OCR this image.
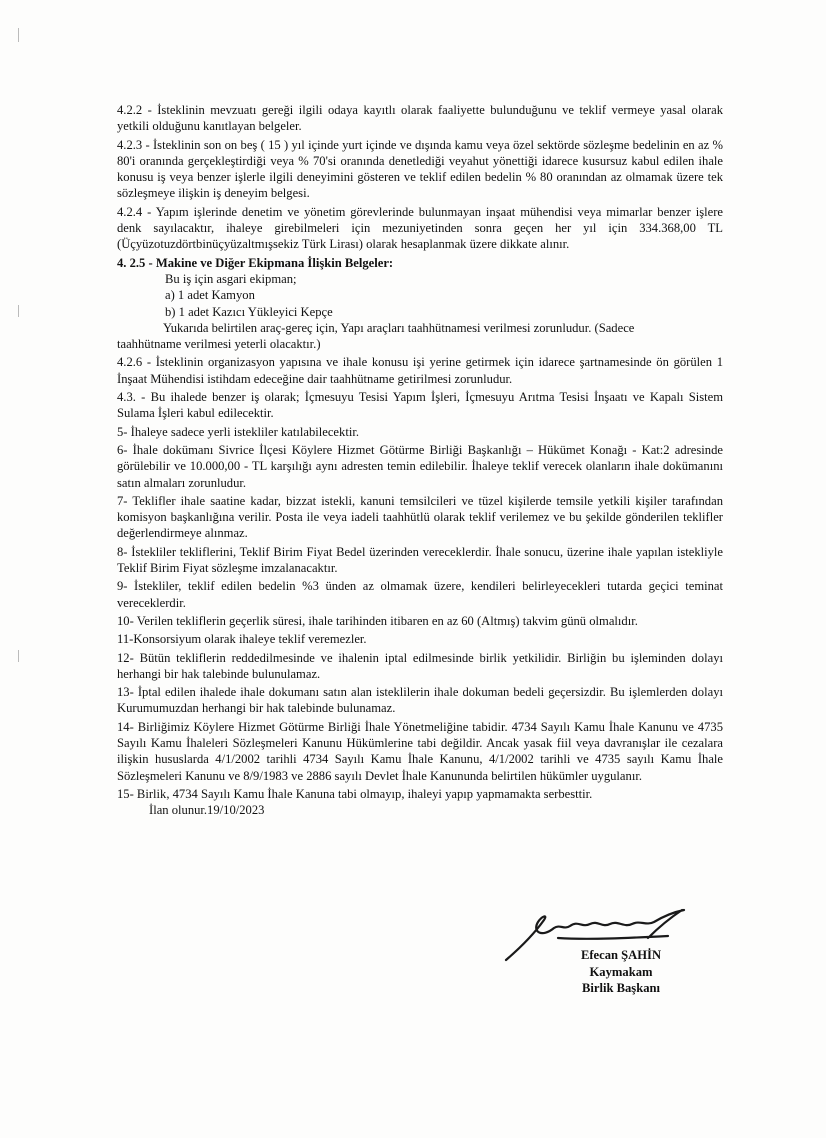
4.2.2 - İsteklinin mevzuatı gereği ilgili odaya kayıtlı olarak faaliyette bulunduğunu ve teklif vermeye yasal olarak yetkili olduğunu kanıtlayan belgeler.

4.2.3 - İsteklinin son on beş ( 15 ) yıl içinde yurt içinde ve dışında kamu veya özel sektörde sözleşme bedelinin en az % 80'i oranında gerçekleştirdiği veya % 70'si oranında denetlediği veyahut yönettiği idarece kusursuz kabul edilen ihale konusu iş veya benzer işlerle ilgili deneyimini gösteren ve teklif edilen bedelin % 80 oranından az olmamak üzere tek sözleşmeye ilişkin iş deneyim belgesi.

4.2.4 - Yapım işlerinde denetim ve yönetim görevlerinde bulunmayan inşaat mühendisi veya mimarlar benzer işlere denk sayılacaktır, ihaleye girebilmeleri için mezuniyetinden sonra geçen her yıl için 334.368,00 TL (Üçyüzotuzdörtbinüçyüzaltmışsekiz Türk Lirası) olarak hesaplanmak üzere dikkate alınır.

4. 2.5 - Makine ve Diğer Ekipmana İlişkin Belgeler:

Bu iş için asgari ekipman;

a) 1 adet Kamyon

b) 1 adet Kazıcı Yükleyici Kepçe

Yukarıda belirtilen araç-gereç için, Yapı araçları taahhütnamesi verilmesi zorunludur. (Sadece

taahhütname verilmesi yeterli olacaktır.)

4.2.6 - İsteklinin organizasyon yapısına ve ihale konusu işi yerine getirmek için idarece şartnamesinde ön görülen 1 İnşaat Mühendisi istihdam edeceğine dair taahhütname getirilmesi zorunludur.

4.3. - Bu ihalede benzer iş olarak; İçmesuyu Tesisi Yapım İşleri, İçmesuyu Arıtma Tesisi İnşaatı ve Kapalı Sistem Sulama İşleri kabul edilecektir.

5- İhaleye sadece yerli istekliler katılabilecektir.

6- İhale dokümanı Sivrice İlçesi Köylere Hizmet Götürme Birliği Başkanlığı – Hükümet Konağı - Kat:2 adresinde görülebilir ve 10.000,00 - TL karşılığı aynı adresten temin edilebilir. İhaleye teklif verecek olanların ihale dokümanını satın almaları zorunludur.

7- Teklifler ihale saatine kadar, bizzat istekli, kanuni temsilcileri ve tüzel kişilerde temsile yetkili kişiler tarafından komisyon başkanlığına verilir. Posta ile veya iadeli taahhütlü olarak teklif verilemez ve bu şekilde gönderilen teklifler değerlendirmeye alınmaz.

8- İstekliler tekliflerini, Teklif Birim Fiyat Bedel üzerinden vereceklerdir. İhale sonucu, üzerine ihale yapılan istekliyle Teklif Birim Fiyat sözleşme imzalanacaktır.

9- İstekliler, teklif edilen bedelin %3 ünden az olmamak üzere, kendileri belirleyecekleri tutarda geçici teminat vereceklerdir.

10- Verilen tekliflerin geçerlik süresi, ihale tarihinden itibaren en az 60 (Altmış) takvim günü olmalıdır.

11-Konsorsiyum olarak ihaleye teklif veremezler.

12- Bütün tekliflerin reddedilmesinde ve ihalenin iptal edilmesinde birlik yetkilidir. Birliğin bu işleminden dolayı herhangi bir hak talebinde bulunulamaz.

13- İptal edilen ihalede ihale dokumanı satın alan isteklilerin ihale dokuman bedeli geçersizdir. Bu işlemlerden dolayı Kurumumuzdan herhangi bir hak talebinde bulunamaz.

14- Birliğimiz Köylere Hizmet Götürme Birliği İhale Yönetmeliğine tabidir. 4734 Sayılı Kamu İhale Kanunu ve 4735 Sayılı Kamu İhaleleri Sözleşmeleri Kanunu Hükümlerine tabi değildir. Ancak yasak fiil veya davranışlar ile cezalara ilişkin hususlarda 4/1/2002 tarihli 4734 Sayılı Kamu İhale Kanunu, 4/1/2002 tarihli ve 4735 sayılı Kamu İhale Sözleşmeleri Kanunu ve 8/9/1983 ve 2886 sayılı Devlet İhale Kanununda belirtilen hükümler uygulanır.

15- Birlik, 4734 Sayılı Kamu İhale Kanuna tabi olmayıp, ihaleyi yapıp yapmamakta serbesttir.

İlan olunur.19/10/2023

Efecan ŞAHİN
Kaymakam
Birlik Başkanı
